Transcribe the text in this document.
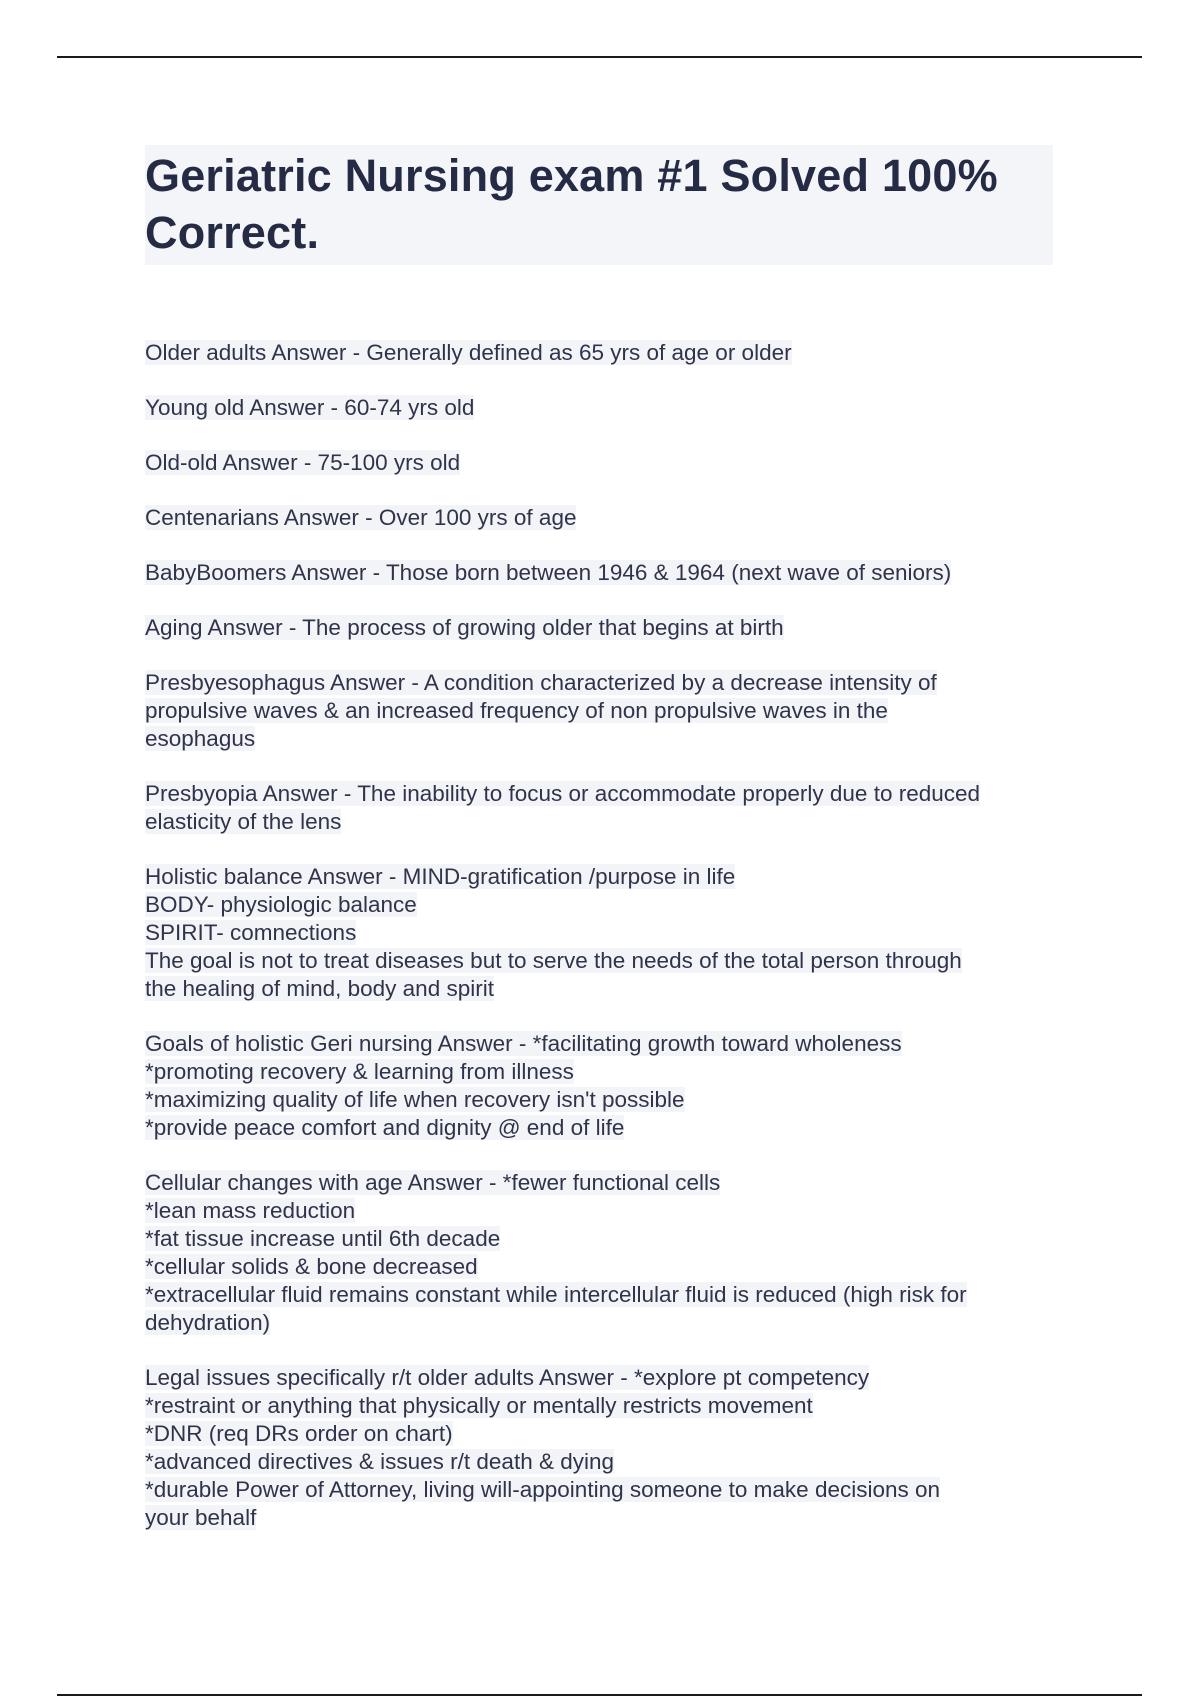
Geriatric Nursing exam #1 Solved 100% Correct.
Older adults Answer - Generally defined as 65 yrs of age or older
Young old Answer - 60-74 yrs old
Old-old Answer - 75-100 yrs old
Centenarians Answer - Over 100 yrs of age
BabyBoomers Answer - Those born between 1946 & 1964 (next wave of seniors)
Aging Answer - The process of growing older that begins at birth
Presbyesophagus Answer - A condition characterized by a decrease intensity of
propulsive waves & an increased frequency of non propulsive waves in the
esophagus
Presbyopia Answer - The inability to focus or accommodate properly due to reduced
elasticity of the lens
Holistic balance Answer - MIND-gratification /purpose in life
BODY- physiologic balance
SPIRIT- comnections
The goal is not to treat diseases but to serve the needs of the total person through
the healing of mind, body and spirit
Goals of holistic Geri nursing Answer - *facilitating growth toward wholeness
*promoting recovery & learning from illness
*maximizing quality of life when recovery isn't possible
*provide peace comfort and dignity @ end of life
Cellular changes with age Answer - *fewer functional cells
*lean mass reduction
*fat tissue increase until 6th decade
*cellular solids & bone decreased
*extracellular fluid remains constant while intercellular fluid is reduced (high risk for
dehydration)
Legal issues specifically r/t older adults Answer - *explore pt competency
*restraint or anything that physically or mentally restricts movement
*DNR (req DRs order on chart)
*advanced directives & issues r/t death & dying
*durable Power of Attorney, living will-appointing someone to make decisions on
your behalf
